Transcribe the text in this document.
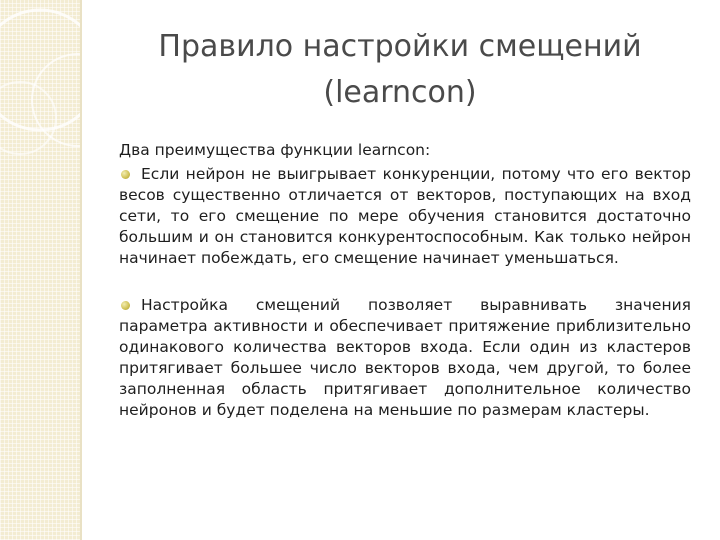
Правило настройки смещений
(learncon)

Два преимущества функции learncon:

Если нейрон не выигрывает конкуренции, потому что его вектор весов существенно отличается от векторов, поступающих на вход сети, то его смещение по мере обучения становится достаточно большим и он становится конкурентоспособным. Как только нейрон начинает побеждать, его смещение начинает уменьшаться.

Настройка смещений позволяет выравнивать значения параметра активности и обеспечивает притяжение приблизительно одинакового количества векторов входа. Если один из кластеров притягивает большее число векторов входа, чем другой, то более заполненная область притягивает дополнительное количество нейронов и будет поделена на меньшие по размерам кластеры.
